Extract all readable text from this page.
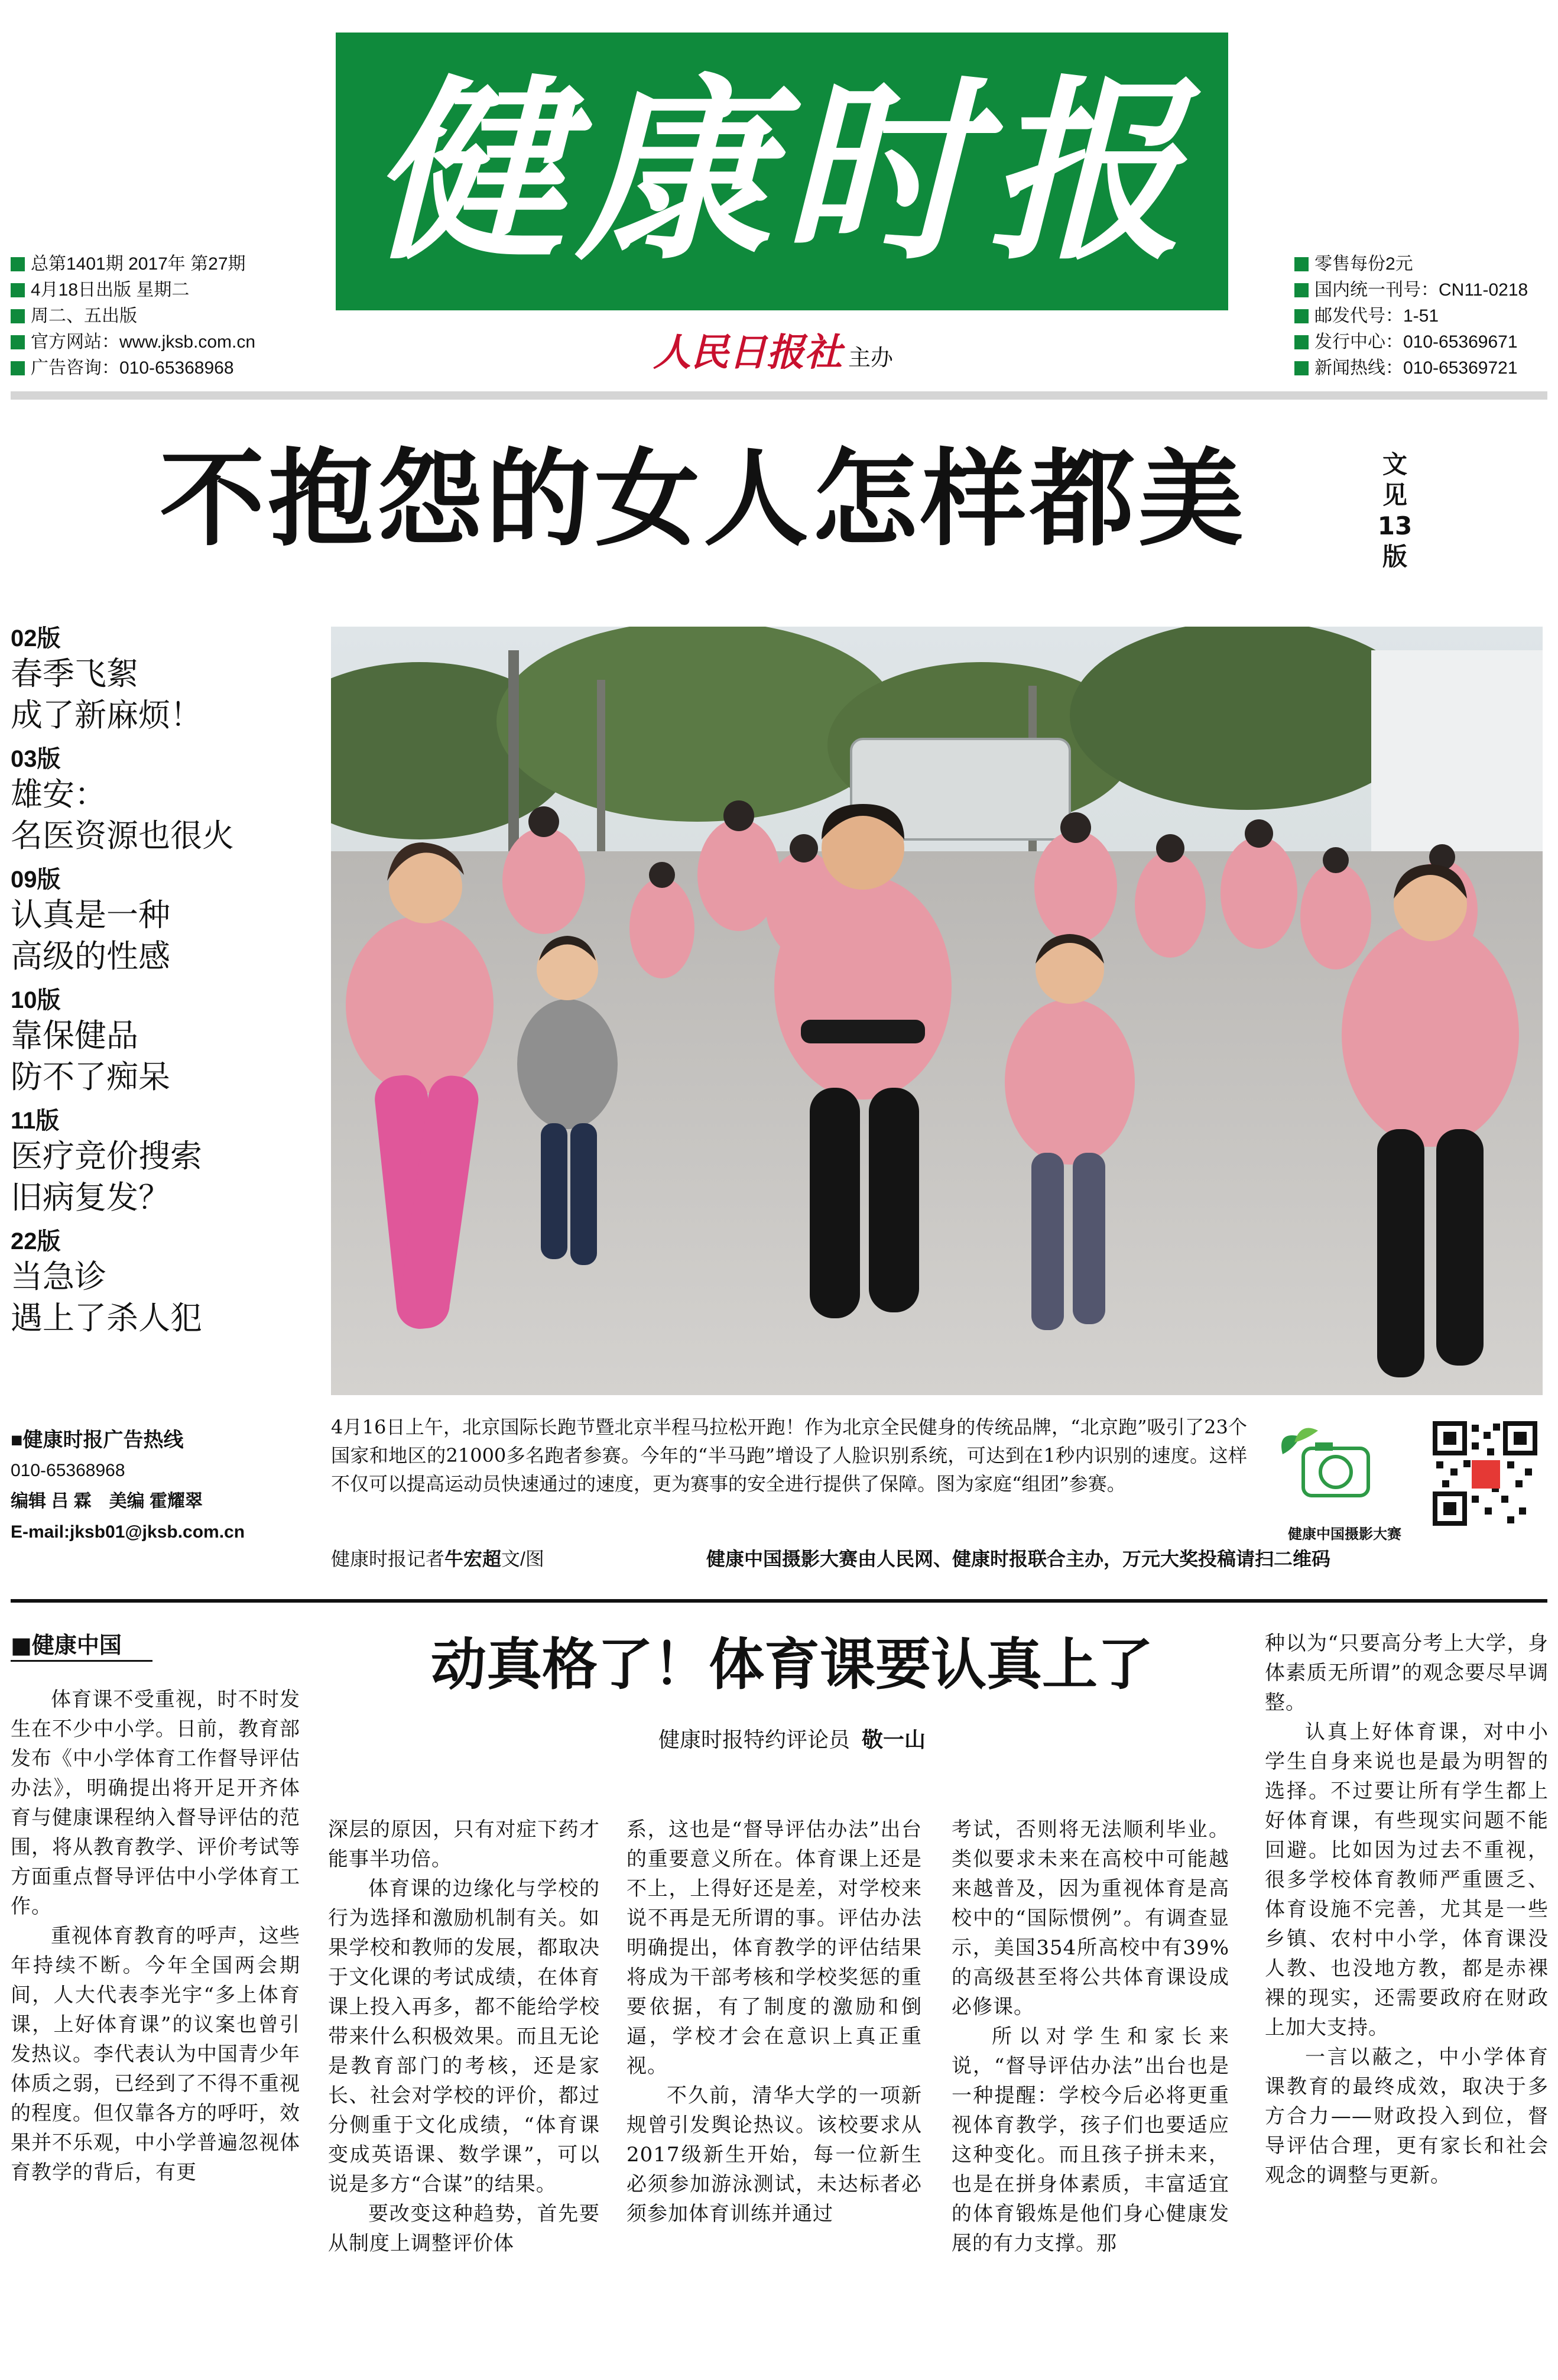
健康时报
总第1401期 2017年 第27期
4月18日出版 星期二
周二、五出版
官方网站：www.jksb.com.cn
广告咨询：010-65368968
零售每份2元
国内统一刊号：CN11-0218
邮发代号：1-51
发行中心：010-65369671
新闻热线：010-65369721
人民日报社 主办
不抱怨的女人怎样都美	文见13版
02版
春季飞絮
成了新麻烦！
03版
雄安：
名医资源也很火
09版
认真是一种
高级的性感
10版
靠保健品
防不了痴呆
11版
医疗竞价搜索
旧病复发？
22版
当急诊
遇上了杀人犯
4月16日上午，北京国际长跑节暨北京半程马拉松开跑！作为北京全民健身的传统品牌，“北京跑”吸引了23个国家和地区的21000多名跑者参赛。今年的“半马跑”增设了人脸识别系统，可达到在1秒内识别的速度。这样不仅可以提高运动员快速通过的速度，更为赛事的安全进行提供了保障。图为家庭“组团”参赛。
健康时报记者牛宏超文/图	健康中国摄影大赛由人民网、健康时报联合主办，万元大奖投稿请扫二维码
健康中国摄影大赛
■健康时报广告热线
010-65368968
编辑 吕 霖　美编 霍耀翠
E-mail:jksb01@jksb.com.cn
■健康中国	动真格了！体育课要认真上了
健康时报特约评论员 敬一山

体育课不受重视，时不时发生在不少中小学。日前，教育部发布《中小学体育工作督导评估办法》，明确提出将开足开齐体育与健康课程纳入督导评估的范围，将从教育教学、评价考试等方面重点督导评估中小学体育工作。

重视体育教育的呼声，这些年持续不断。今年全国两会期间，人大代表李光宇“多上体育课，上好体育课”的议案也曾引发热议。李代表认为中国青少年体质之弱，已经到了不得不重视的程度。但仅靠各方的呼吁，效果并不乐观，中小学普遍忽视体育教学的背后，有更

深层的原因，只有对症下药才能事半功倍。

体育课的边缘化与学校的行为选择和激励机制有关。如果学校和教师的发展，都取决于文化课的考试成绩，在体育课上投入再多，都不能给学校带来什么积极效果。而且无论是教育部门的考核，还是家长、社会对学校的评价，都过分侧重于文化成绩，“体育课变成英语课、数学课”，可以说是多方“合谋”的结果。

要改变这种趋势，首先要从制度上调整评价体

系，这也是“督导评估办法”出台的重要意义所在。体育课上还是不上，上得好还是差，对学校来说不再是无所谓的事。评估办法明确提出，体育教学的评估结果将成为干部考核和学校奖惩的重要依据，有了制度的激励和倒逼，学校才会在意识上真正重视。

不久前，清华大学的一项新规曾引发舆论热议。该校要求从2017级新生开始，每一位新生必须参加游泳测试，未达标者必须参加体育训练并通过

考试，否则将无法顺利毕业。类似要求未来在高校中可能越来越普及，因为重视体育是高校中的“国际惯例”。有调查显示，美国354所高校中有39%的高级甚至将公共体育课设成必修课。

所以对学生和家长来说，“督导评估办法”出台也是一种提醒：学校今后必将更重视体育教学，孩子们也要适应这种变化。而且孩子拼未来，也是在拼身体素质，丰富适宜的体育锻炼是他们身心健康发展的有力支撑。那

种以为“只要高分考上大学，身体素质无所谓”的观念要尽早调整。

认真上好体育课，对中小学生自身来说也是最为明智的选择。不过要让所有学生都上好体育课，有些现实问题不能回避。比如因为过去不重视，很多学校体育教师严重匮乏、体育设施不完善，尤其是一些乡镇、农村中小学，体育课没人教、也没地方教，都是赤裸裸的现实，还需要政府在财政上加大支持。

一言以蔽之，中小学体育课教育的最终成效，取决于多方合力——财政投入到位，督导评估合理，更有家长和社会观念的调整与更新。
